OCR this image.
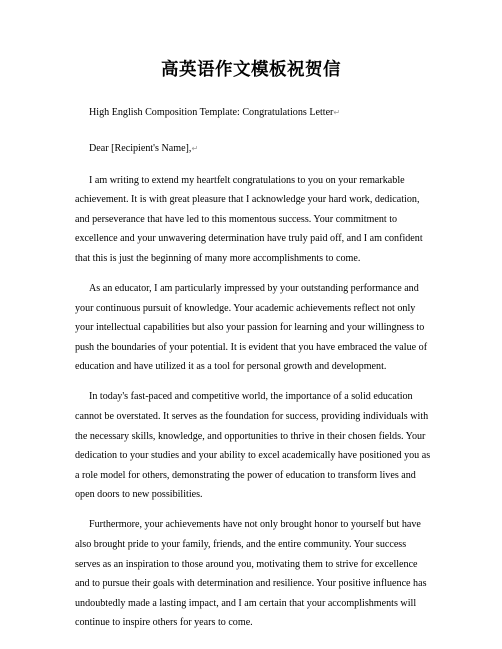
高英语作文模板祝贺信

High English Composition Template: Congratulations Letter↵

Dear [Recipient's Name],↵

I am writing to extend my heartfelt congratulations to you on your remarkable achievement. It is with great pleasure that I acknowledge your hard work, dedication, and perseverance that have led to this momentous success. Your commitment to excellence and your unwavering determination have truly paid off, and I am confident that this is just the beginning of many more accomplishments to come.

As an educator, I am particularly impressed by your outstanding performance and your continuous pursuit of knowledge. Your academic achievements reflect not only your intellectual capabilities but also your passion for learning and your willingness to push the boundaries of your potential. It is evident that you have embraced the value of education and have utilized it as a tool for personal growth and development.

In today's fast-paced and competitive world, the importance of a solid education cannot be overstated. It serves as the foundation for success, providing individuals with the necessary skills, knowledge, and opportunities to thrive in their chosen fields. Your dedication to your studies and your ability to excel academically have positioned you as a role model for others, demonstrating the power of education to transform lives and open doors to new possibilities.

Furthermore, your achievements have not only brought honor to yourself but have also brought pride to your family, friends, and the entire community. Your success serves as an inspiration to those around you, motivating them to strive for excellence and to pursue their goals with determination and resilience. Your positive influence has undoubtedly made a lasting impact, and I am certain that your accomplishments will continue to inspire others for years to come.
